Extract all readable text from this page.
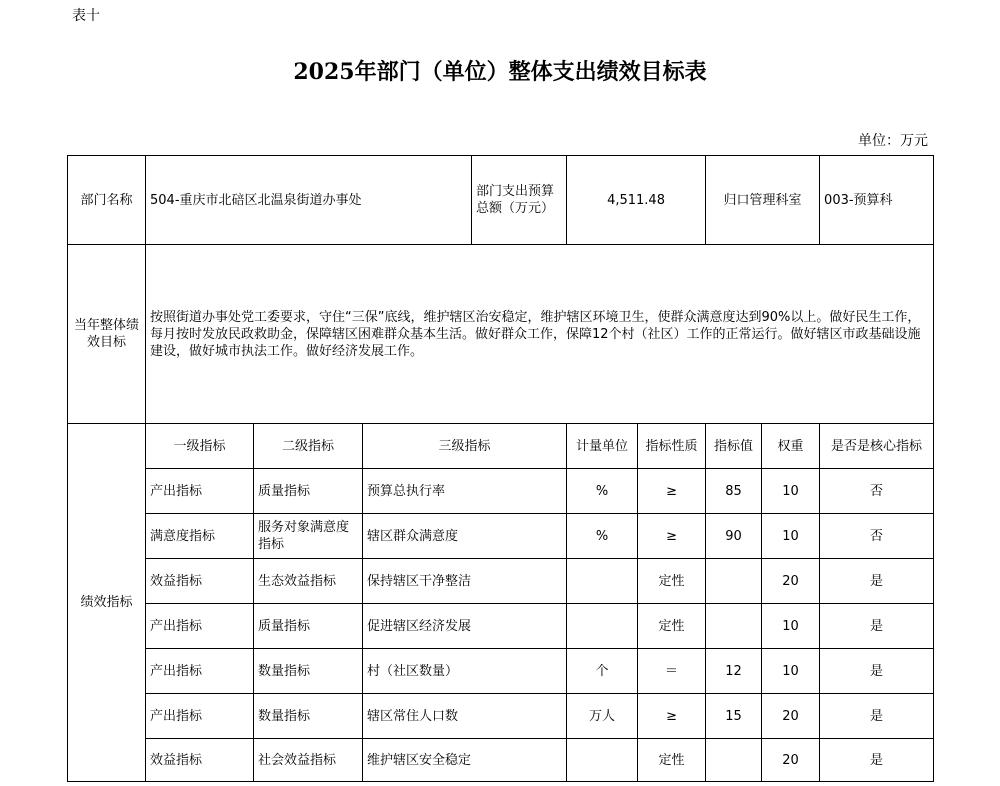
表十
2025年部门（单位）整体支出绩效目标表
单位：万元
部门名称	504-重庆市北碚区北温泉街道办事处			部门支出预算总额（万元）	4,511.48		归口管理科室		003-预算科
当年整体绩效目标	按照街道办事处党工委要求，守住“三保”底线，维护辖区治安稳定，维护辖区环境卫生，使群众满意度达到90%以上。做好民生工作，每月按时发放民政救助金，保障辖区困难群众基本生活。做好群众工作，保障12个村（社区）工作的正常运行。做好辖区市政基础设施建设，做好城市执法工作。做好经济发展工作。								
绩效指标	一级指标	二级指标	三级指标		计量单位	指标性质	指标值	权重	是否是核心指标
	产出指标	质量指标	预算总执行率		%	≥	85	10	否
	满意度指标	服务对象满意度指标	辖区群众满意度		%	≥	90	10	否
	效益指标	生态效益指标	保持辖区干净整洁			定性		20	是
	产出指标	质量指标	促进辖区经济发展			定性		10	是
	产出指标	数量指标	村（社区数量）		个	＝	12	10	是
	产出指标	数量指标	辖区常住人口数		万人	≥	15	20	是
	效益指标	社会效益指标	维护辖区安全稳定			定性		20	是
